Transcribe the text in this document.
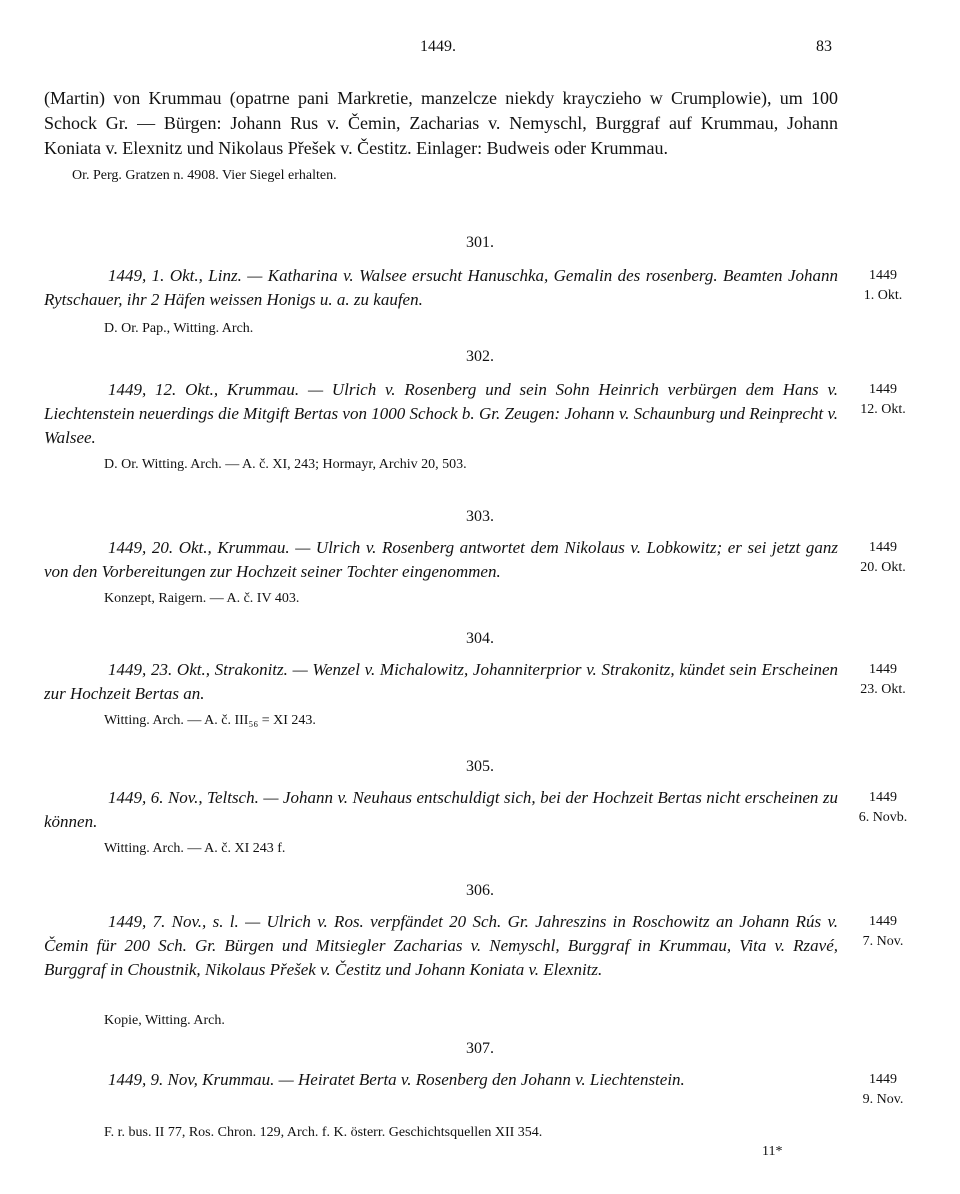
1449.	83
(Martin) von Krummau (opatrne pani Markretie, manzelcze niekdy krayczieho w Crumplowie), um 100 Schock Gr. — Bürgen: Johann Rus v. Čemin, Zacharias v. Nemyschl, Burggraf auf Krummau, Johann Koniata v. Elexnitz und Nikolaus Přešek v. Čestitz. Einlager: Budweis oder Krummau.
Or. Perg. Gratzen n. 4908. Vier Siegel erhalten.
301.
1449, 1. Okt., Linz. — Katharina v. Walsee ersucht Hanuschka, Gemalin des rosenberg. Beamten Johann Rytschauer, ihr 2 Häfen weissen Honigs u. a. zu kaufen.
1449
1. Okt.
D. Or. Pap., Witting. Arch.
302.
1449, 12. Okt., Krummau. — Ulrich v. Rosenberg und sein Sohn Heinrich verbürgen dem Hans v. Liechtenstein neuerdings die Mitgift Bertas von 1000 Schock b. Gr. Zeugen: Johann v. Schaunburg und Reinprecht v. Walsee.
1449
12. Okt.
D. Or. Witting. Arch. — A. č. XI, 243; Hormayr, Archiv 20, 503.
303.
1449, 20. Okt., Krummau. — Ulrich v. Rosenberg antwortet dem Nikolaus v. Lobkowitz; er sei jetzt ganz von den Vorbereitungen zur Hochzeit seiner Tochter eingenommen.
1449
20. Okt.
Konzept, Raigern. — A. č. IV 403.
304.
1449, 23. Okt., Strakonitz. — Wenzel v. Michalowitz, Johanniterprior v. Strakonitz, kündet sein Erscheinen zur Hochzeit Bertas an.
1449
23. Okt.
Witting. Arch. — A. č. III₅₆ = XI 243.
305.
1449, 6. Nov., Teltsch. — Johann v. Neuhaus entschuldigt sich, bei der Hochzeit Bertas nicht erscheinen zu können.
1449
6. Novb.
Witting. Arch. — A. č. XI 243 f.
306.
1449, 7. Nov., s. l. — Ulrich v. Ros. verpfändet 20 Sch. Gr. Jahreszins in Roschowitz an Johann Rús v. Čemin für 200 Sch. Gr. Bürgen und Mitsiegler Zacharias v. Nemyschl, Burggraf in Krummau, Vita v. Rzavé, Burggraf in Choustnik, Nikolaus Přešek v. Čestitz und Johann Koniata v. Elexnitz.
1449
7. Nov.
Kopie, Witting. Arch.
307.
1449, 9. Nov, Krummau. — Heiratet Berta v. Rosenberg den Johann v. Liechtenstein.	1449
9. Nov.
F. r. bus. II 77, Ros. Chron. 129, Arch. f. K. österr. Geschichtsquellen XII 354.
11*
